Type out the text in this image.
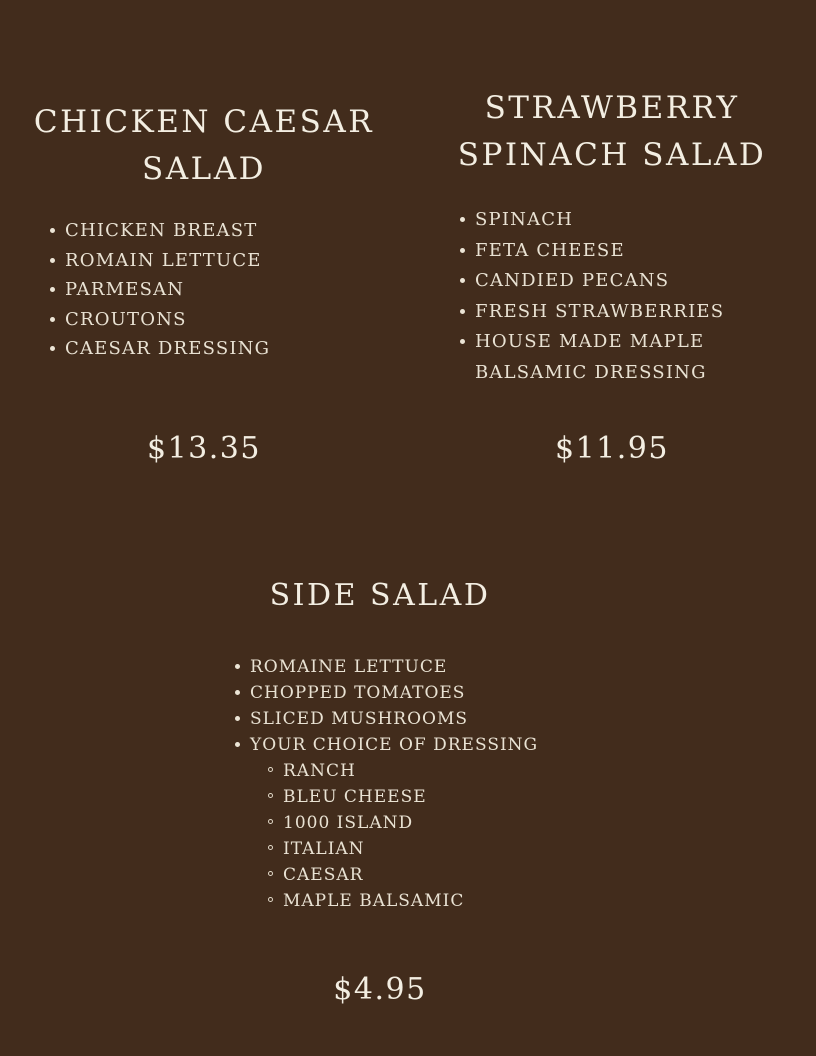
CHICKEN CAESAR
SALAD
CHICKEN BREAST
ROMAIN LETTUCE
PARMESAN
CROUTONS
CAESAR DRESSING
$13.35
STRAWBERRY
SPINACH SALAD
SPINACH
FETA CHEESE
CANDIED PECANS
FRESH STRAWBERRIES
HOUSE MADE MAPLE BALSAMIC DRESSING
$11.95
SIDE SALAD
ROMAINE LETTUCE
CHOPPED TOMATOES
SLICED MUSHROOMS
YOUR CHOICE OF DRESSING
RANCH
BLEU CHEESE
1000 ISLAND
ITALIAN
CAESAR
MAPLE BALSAMIC
$4.95
